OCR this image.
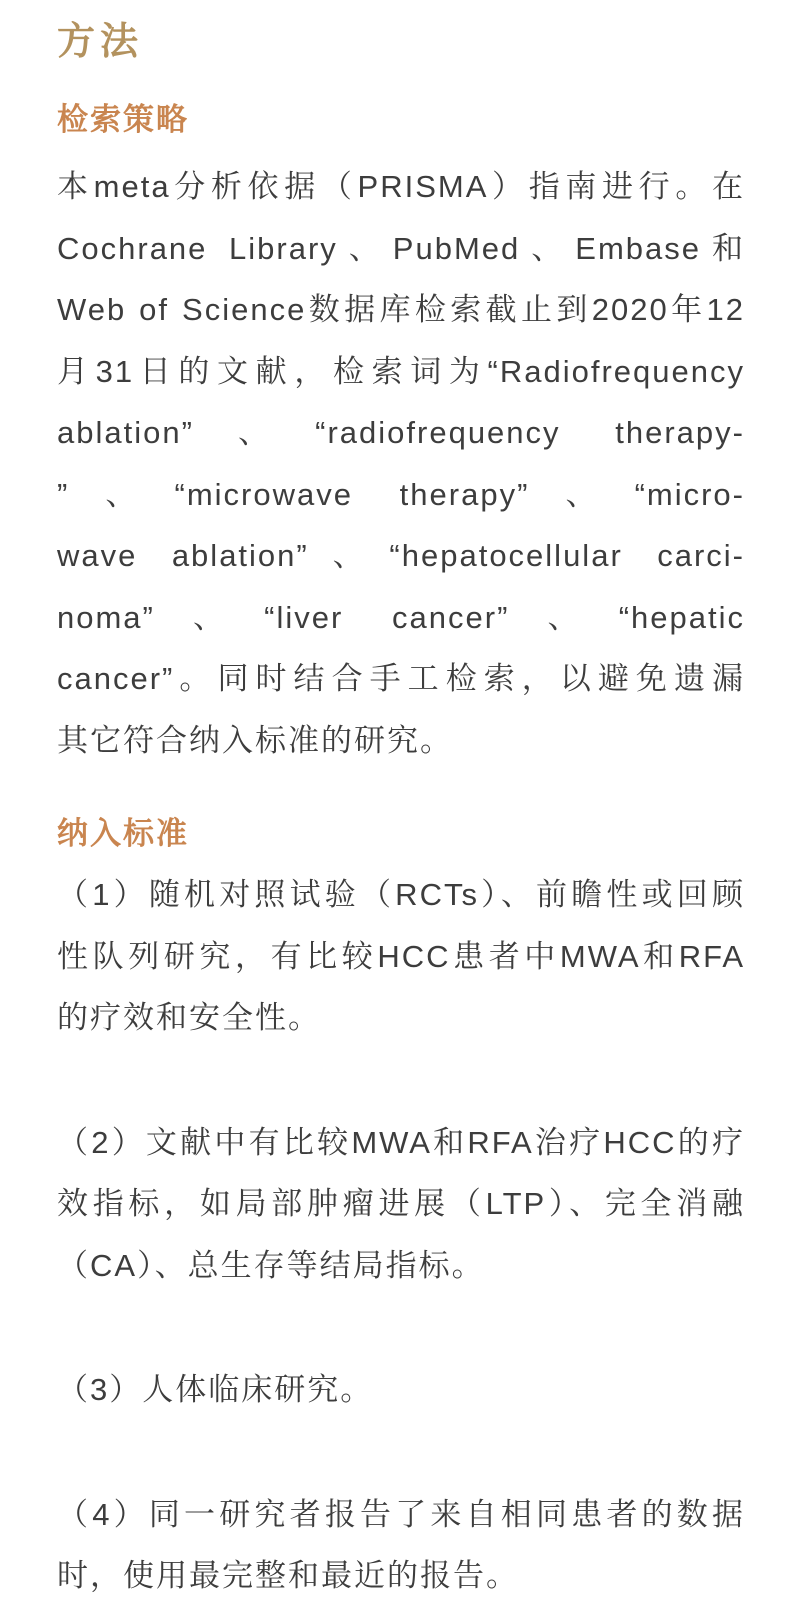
方法
检索策略
本meta分析依据（PRISMA）指南进行。在
Cochrane Library、PubMed、Embase和
Web of Science数据库检索截止到2020年12
月31日的文献，检索词为“Radiofrequency
ablation”、“radiofrequency therapy-
”、“microwave therapy”、“micro-
wave ablation”、“hepatocellular carci-
noma”、“liver cancer”、“hepatic
cancer”。同时结合手工检索，以避免遗漏
其它符合纳入标准的研究。
纳入标准
（1）随机对照试验（RCTs）、前瞻性或回顾
性队列研究，有比较HCC患者中MWA和RFA
的疗效和安全性。
（2）文献中有比较MWA和RFA治疗HCC的疗
效指标，如局部肿瘤进展（LTP）、完全消融
（CA）、总生存等结局指标。
（3）人体临床研究。
（4）同一研究者报告了来自相同患者的数据
时，使用最完整和最近的报告。
